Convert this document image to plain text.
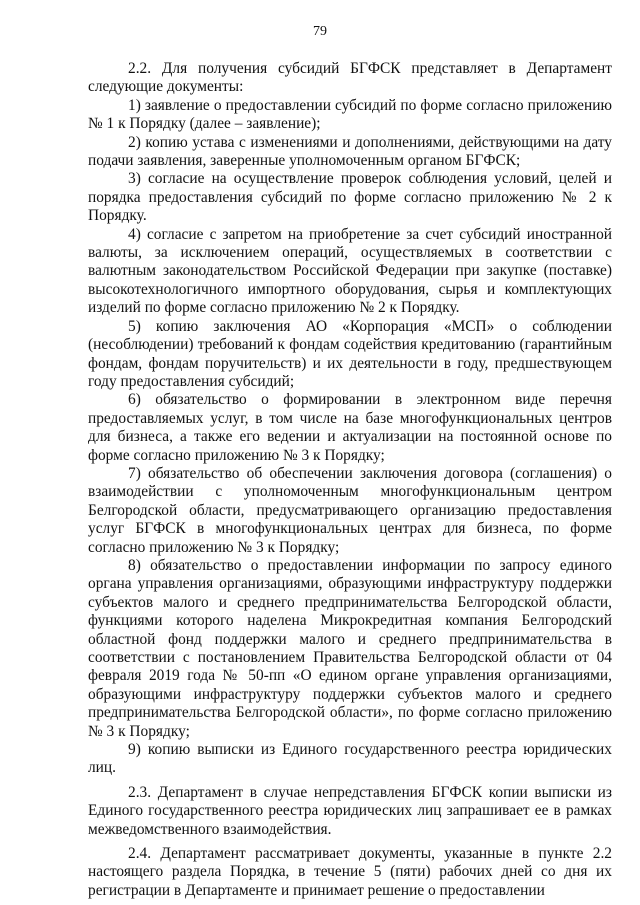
79

2.2. Для получения субсидий БГФСК представляет в Департамент следующие документы:

1) заявление о предоставлении субсидий по форме согласно приложению № 1 к Порядку (далее – заявление);

2) копию устава с изменениями и дополнениями, действующими на дату подачи заявления, заверенные уполномоченным органом БГФСК;

3) согласие на осуществление проверок соблюдения условий, целей и порядка предоставления субсидий по форме согласно приложению № 2 к Порядку.

4) согласие с запретом на приобретение за счет субсидий иностранной валюты, за исключением операций, осуществляемых в соответствии с валютным законодательством Российской Федерации при закупке (поставке) высокотехнологичного импортного оборудования, сырья и комплектующих изделий по форме согласно приложению № 2 к Порядку.

5) копию заключения АО «Корпорация «МСП» о соблюдении (несоблюдении) требований к фондам содействия кредитованию (гарантийным фондам, фондам поручительств) и их деятельности в году, предшествующем году предоставления субсидий;

6) обязательство о формировании в электронном виде перечня предоставляемых услуг, в том числе на базе многофункциональных центров для бизнеса, а также его ведении и актуализации на постоянной основе по форме согласно приложению № 3 к Порядку;

7) обязательство об обеспечении заключения договора (соглашения) о взаимодействии с уполномоченным многофункциональным центром Белгородской области, предусматривающего организацию предоставления услуг БГФСК в многофункциональных центрах для бизнеса, по форме согласно приложению № 3 к Порядку;

8) обязательство о предоставлении информации по запросу единого органа управления организациями, образующими инфраструктуру поддержки субъектов малого и среднего предпринимательства Белгородской области, функциями которого наделена Микрокредитная компания Белгородский областной фонд поддержки малого и среднего предпринимательства в соответствии с постановлением Правительства Белгородской области от 04 февраля 2019 года № 50-пп «О едином органе управления организациями, образующими инфраструктуру поддержки субъектов малого и среднего предпринимательства Белгородской области», по форме согласно приложению № 3 к Порядку;

9) копию выписки из Единого государственного реестра юридических лиц.

2.3. Департамент в случае непредставления БГФСК копии выписки из Единого государственного реестра юридических лиц запрашивает ее в рамках межведомственного взаимодействия.

2.4. Департамент рассматривает документы, указанные в пункте 2.2 настоящего раздела Порядка, в течение 5 (пяти) рабочих дней со дня их регистрации в Департаменте и принимает решение о предоставлении
